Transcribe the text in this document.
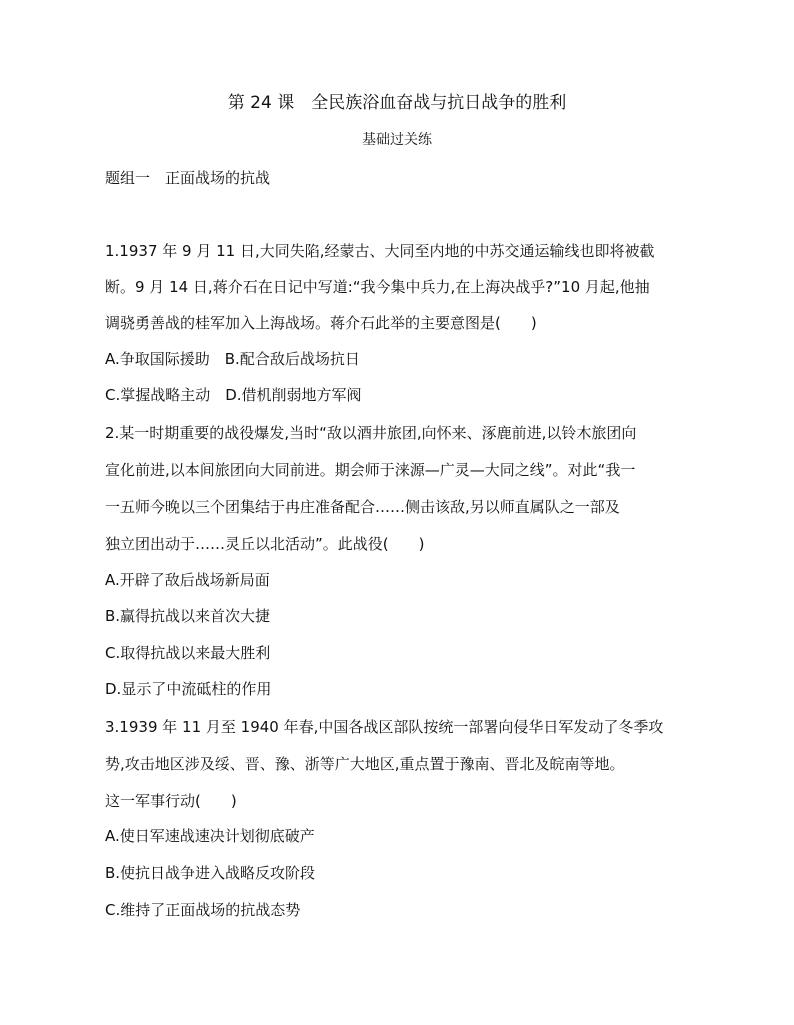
第 24 课　全民族浴血奋战与抗日战争的胜利
基础过关练
题组一　正面战场的抗战
1.1937 年 9 月 11 日,大同失陷,经蒙古、大同至内地的中苏交通运输线也即将被截
断。9 月 14 日,蒋介石在日记中写道:“我今集中兵力,在上海决战乎?”10 月起,他抽
调骁勇善战的桂军加入上海战场。蒋介石此举的主要意图是(　　)
A.争取国际援助　B.配合敌后战场抗日
C.掌握战略主动　D.借机削弱地方军阀
2.某一时期重要的战役爆发,当时“敌以酒井旅团,向怀来、涿鹿前进,以铃木旅团向
宣化前进,以本间旅团向大同前进。期会师于涞源—广灵—大同之线”。对此“我一
一五师今晚以三个团集结于冉庄准备配合……侧击该敌,另以师直属队之一部及
独立团出动于……灵丘以北活动”。此战役(　　)
A.开辟了敌后战场新局面
B.赢得抗战以来首次大捷
C.取得抗战以来最大胜利
D.显示了中流砥柱的作用
3.1939 年 11 月至 1940 年春,中国各战区部队按统一部署向侵华日军发动了冬季攻
势,攻击地区涉及绥、晋、豫、浙等广大地区,重点置于豫南、晋北及皖南等地。
这一军事行动(　　)
A.使日军速战速决计划彻底破产
B.使抗日战争进入战略反攻阶段
C.维持了正面战场的抗战态势
